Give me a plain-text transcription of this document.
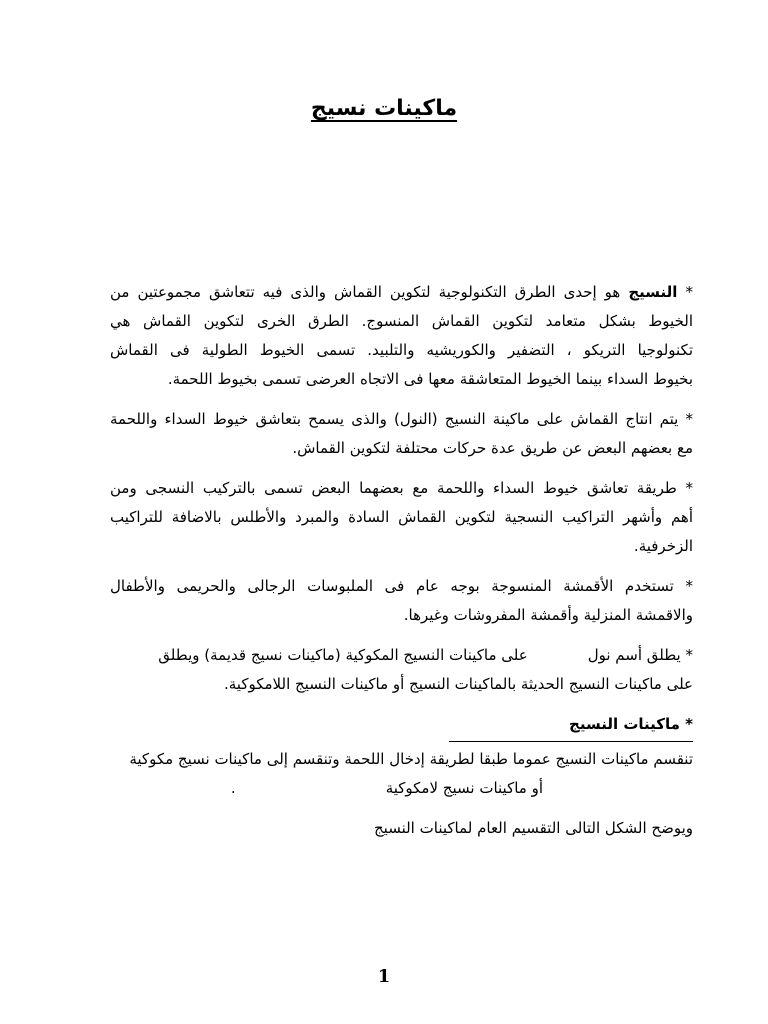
ماكينات نسيج
* النسيج هو إحدى الطرق التكنولوجية لتكوين القماش والذى فيه تتعاشق مجموعتين من
الخيوط بشكل متعامد لتكوين القماش المنسوج. الطرق الخرى لتكوين القماش هي
تكنولوجيا التريكو ، التضفير والكوريشيه والتلبيد. تسمى الخيوط الطولية فى القماش
بخيوط السداء بينما الخيوط المتعاشقة معها فى الاتجاه العرضى تسمى بخيوط اللحمة.
* يتم انتاج القماش على ماكينة النسيج (النول) والذى يسمح بتعاشق خيوط السداء واللحمة
مع بعضهم البعض عن طريق عدة حركات محتلفة لتكوين القماش.
* طريقة تعاشق خيوط السداء واللحمة مع بعضهما البعض تسمى بالتركيب النسجى ومن
أهم وأشهر التراكيب النسجية لتكوين القماش السادة والمبرد والأطلس بالاضافة للتراكيب
الزخرفية.
* تستخدم الأقمشة المنسوجة بوجه عام فى الملبوسات الرجالى والحريمى والأطفال
والاقمشة المنزلية وأقمشة المفروشات وغيرها.
* يطلق أسم نولعلى ماكينات النسيج المكوكية (ماكينات نسيج قديمة) ويطلق
على ماكينات النسيج الحديثة بالماكينات النسيج أو ماكينات النسيج اللامكوكية.
* ماكينات النسيج
تنقسم ماكينات النسيج عموما طبقا لطريقة إدخال اللحمة وتنقسم إلى ماكينات نسيج مكوكية
أو ماكينات نسيج لامكوكية.
ويوضح الشكل التالى التقسيم العام لماكينات النسيج
1
